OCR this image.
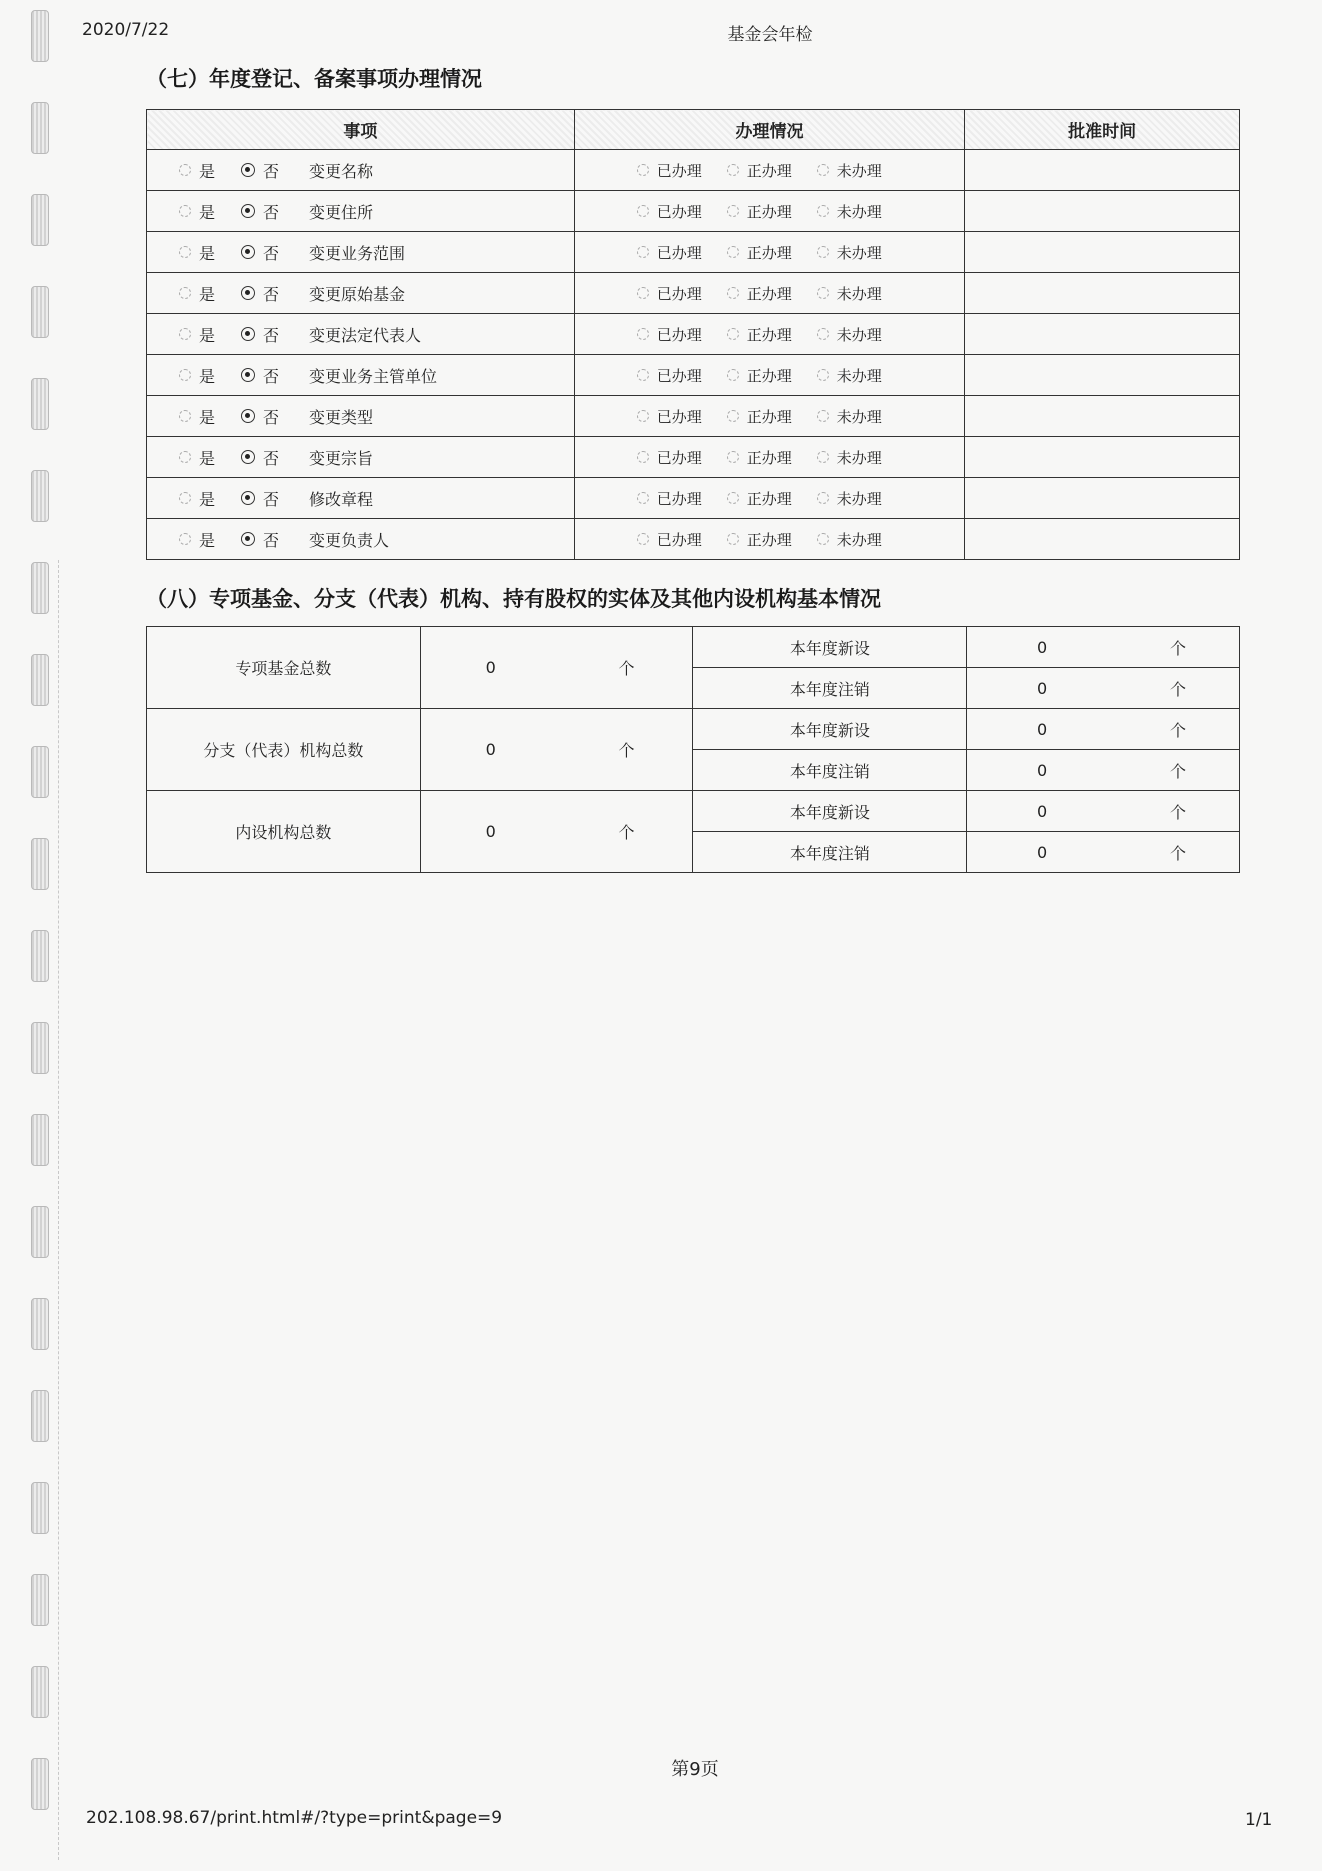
2020/7/22	基金会年检
（七）年度登记、备案事项办理情况
事项	办理情况	批准时间

是 否 变更名称	已办理 正办理 未办理	

是 否 变更住所	已办理 正办理 未办理	

是 否 变更业务范围	已办理 正办理 未办理	

是 否 变更原始基金	已办理 正办理 未办理	

是 否 变更法定代表人	已办理 正办理 未办理	

是 否 变更业务主管单位	已办理 正办理 未办理	

是 否 变更类型	已办理 正办理 未办理	

是 否 变更宗旨	已办理 正办理 未办理	

是 否 修改章程	已办理 正办理 未办理	

是 否 变更负责人	已办理 正办理 未办理	

（八）专项基金、分支（代表）机构、持有股权的实体及其他内设机构基本情况
专项基金总数	0	个	本年度新设	0	个
			本年度注销	0	个
分支（代表）机构总数	0	个	本年度新设	0	个
			本年度注销	0	个
内设机构总数	0	个	本年度新设	0	个
			本年度注销	0	个
第9页
202.108.98.67/print.html#/?type=print&page=9	1/1
